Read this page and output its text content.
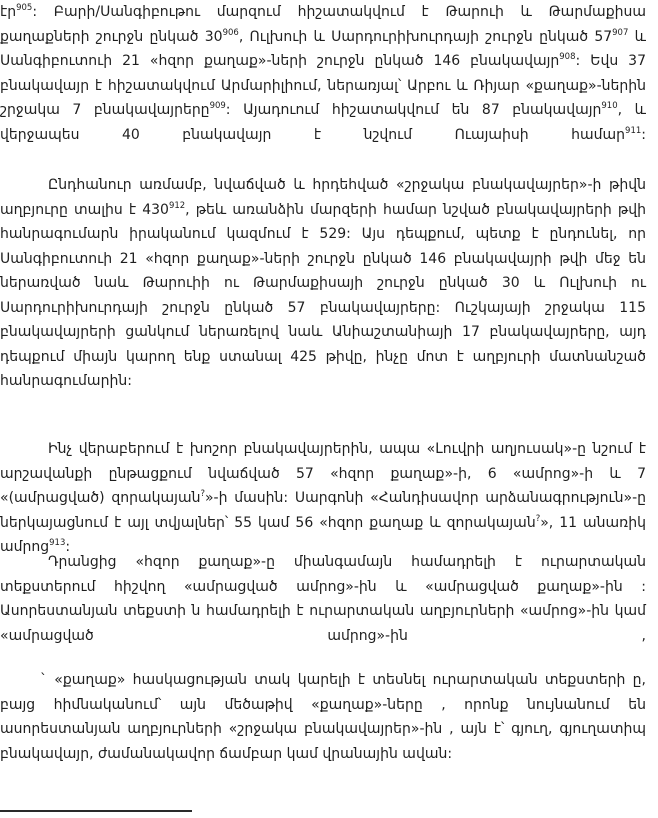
էր$^{905}$: Բարի/Սանգիբութու մարզում հիշատակվում է Թարուի և Թարմաքիսա քաղաքների շուրջն ընկած $30^{906}$, Ուլխուի և Սարդուրիխուրդայի շուրջն ընկած $57^{907}$ և Սանգիբուտուի 21 «հզոր քաղաք»-ների շուրջն ընկած 146 բնակավայր$^{908}$: Եվս 37 բնակավայր է հիշատակվում Արմարիլիում, ներառյալ՝ Արբու և Ռիյար «քաղաք»-ներին շրջակա 7 բնակավայրերը$^{909}$: Այադուում հիշատակվում են 87 բնակավայր$^{910}$, և վերջապես 40 բնակավայր է նշվում Ուայաիսի համար$^{911}$:

Ընդհանուր առմամբ, նվաճված և հրդեհված «շրջակա բնակավայրեր»-ի թիվն աղբյուրը տալիս է $430^{912}$, թեև առանձին մարզերի համար նշված բնակավայրերի թվի հանրագումարն իրականում կազմում է 529: Այս դեպքում, պետք է ընդունել, որ Սանգիբուտուի 21 «հզոր քաղաք»-ների շուրջն ընկած 146 բնակավայրի թվի մեջ են ներառված նաև Թարուիի ու Թարմաքիսայի շուրջն ընկած 30 և Ուլխուի ու Սարդուրիխուրդայի շուրջն ընկած 57 բնակավայրերը: Ուշկայայի շրջակա 115 բնակավայրերի ցանկում ներառելով նաև Անիաշտանիայի 17 բնակավայրերը, այդ դեպքում միայն կարող ենք ստանալ 425 թիվը, ինչը մոտ է աղբյուրի մատնանշած հանրագումարին:

Ինչ վերաբերում է խոշոր բնակավայրերին, ապա «Լուվրի աղյուսակ»-ը նշում է արշավանքի ընթացքում նվաճված 57 «հզոր քաղաք»-ի, 6 «ամրոց»-ի և 7 «(ամրացված) զորակայան?»-ի մասին: Սարգոնի «Հանդիսավոր արձանագրություն»-ը ներկայացնում է այլ տվյալներ՝ 55 կամ 56 «հզոր քաղաք և զորակայան?», 11 անառիկ ամրոց$^{913}$:

Դրանցից «հզոր քաղաք»-ը միանգամայն համադրելի է ուրարտական տեքստերում հիշվող «ամրացված ամրոց»-ին և «ամրացված քաղաք»-ին : Ասորեստանյան տեքստի ն համադրելի է ուրարտական աղբյուրների «ամրոց»-ին կամ «ամրացված ամրոց»-ին ,

` «քաղաք» հասկացության տակ կարելի է տեսնել ուրարտական տեքստերի ը, բայց հիմնականում՝ այն մեծաթիվ «քաղաք»-ները , որոնք նույնանում են ասորեստանյան աղբյուրների «շրջակա բնակավայրեր»-ին , այն է՝ գյուղ, գյուղատիպ բնակավայր, ժամանակավոր ճամբար կամ վրանային ավան:
